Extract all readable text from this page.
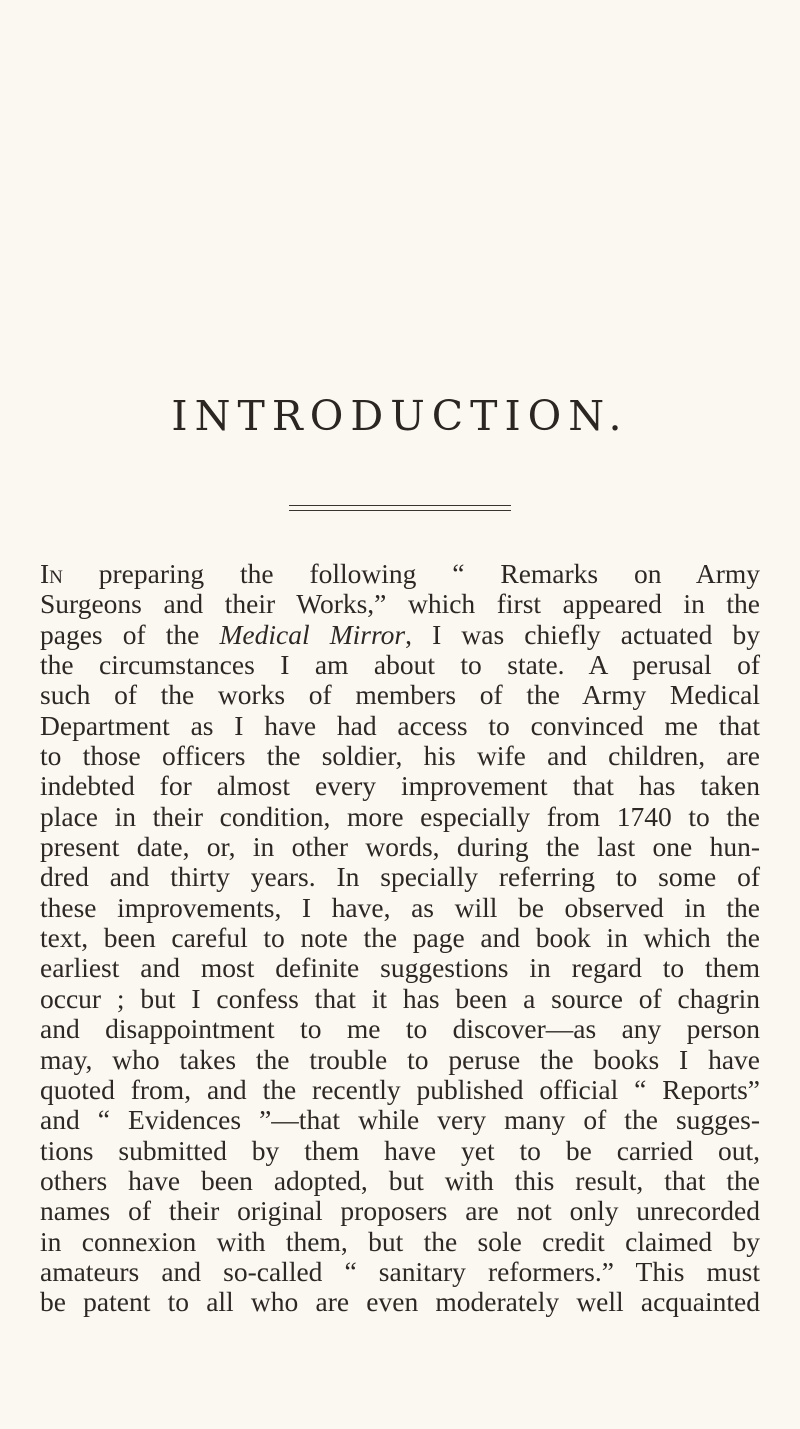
INTRODUCTION.

In preparing the following “ Remarks on Army
Surgeons and their Works,” which first appeared in the
pages of the Medical Mirror, I was chiefly actuated by
the circumstances I am about to state. A perusal of
such of the works of members of the Army Medical
Department as I have had access to convinced me that
to those officers the soldier, his wife and children, are
indebted for almost every improvement that has taken
place in their condition, more especially from 1740 to the
present date, or, in other words, during the last one hun-
dred and thirty years. In specially referring to some of
these improvements, I have, as will be observed in the
text, been careful to note the page and book in which the
earliest and most definite suggestions in regard to them
occur ; but I confess that it has been a source of chagrin
and disappointment to me to discover—as any person
may, who takes the trouble to peruse the books I have
quoted from, and the recently published official “ Reports”
and “ Evidences ”—that while very many of the sugges-
tions submitted by them have yet to be carried out,
others have been adopted, but with this result, that the
names of their original proposers are not only unrecorded
in connexion with them, but the sole credit claimed by
amateurs and so-called “ sanitary reformers.” This must
be patent to all who are even moderately well acquainted
